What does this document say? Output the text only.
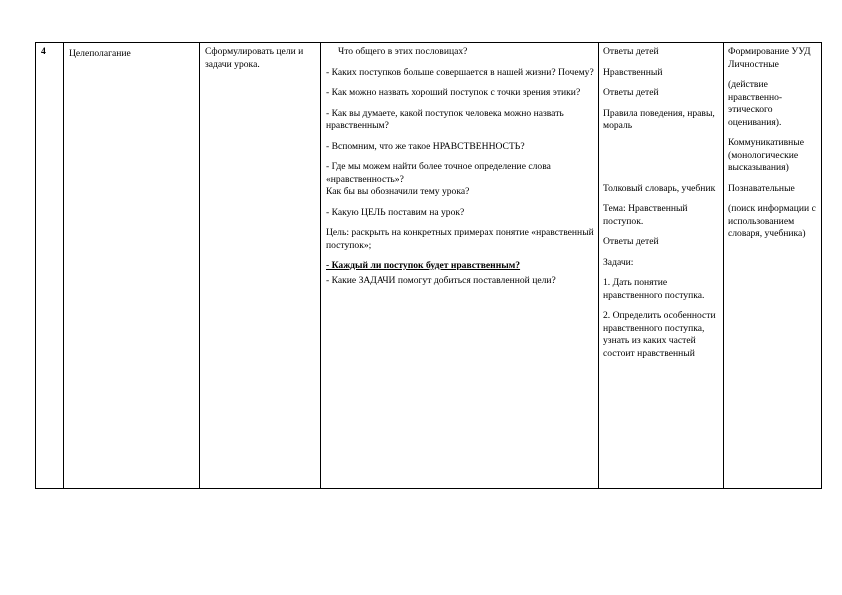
4	Целеполагание	Сформулировать цели и задачи урока.

Что общего в этих пословицах?

- Каких поступков больше совершается в нашей жизни? Почему?

- Как можно назвать хороший поступок с точки зрения этики?

- Как вы думаете, какой поступок человека можно назвать нравственным?

- Вспомним, что же такое НРАВСТВЕННОСТЬ?

- Где мы можем найти более точное определение слова «нравственность»?

Как бы вы обозначили тему урока?

- Какую ЦЕЛЬ поставим на урок?

Цель: раскрыть на конкретных примерах понятие «нравственный поступок»;

- Каждый ли поступок будет нравственным?

- Какие ЗАДАЧИ помогут добиться поставленной цели?

Ответы детей

Нравственный

Ответы детей

Правила поведения, нравы, мораль

Толковый словарь, учебник

Тема: Нравственный поступок.

Ответы детей

Задачи:

1. Дать понятие нравственного поступка.

2. Определить особенности нравственного поступка, узнать из каких частей состоит нравственный

Формирование УУД

Личностные

(действие нравственно-этического оценивания).

Коммуникативные

(монологические высказывания)

Познавательные

(поиск информации с использованием словаря, учебника)
